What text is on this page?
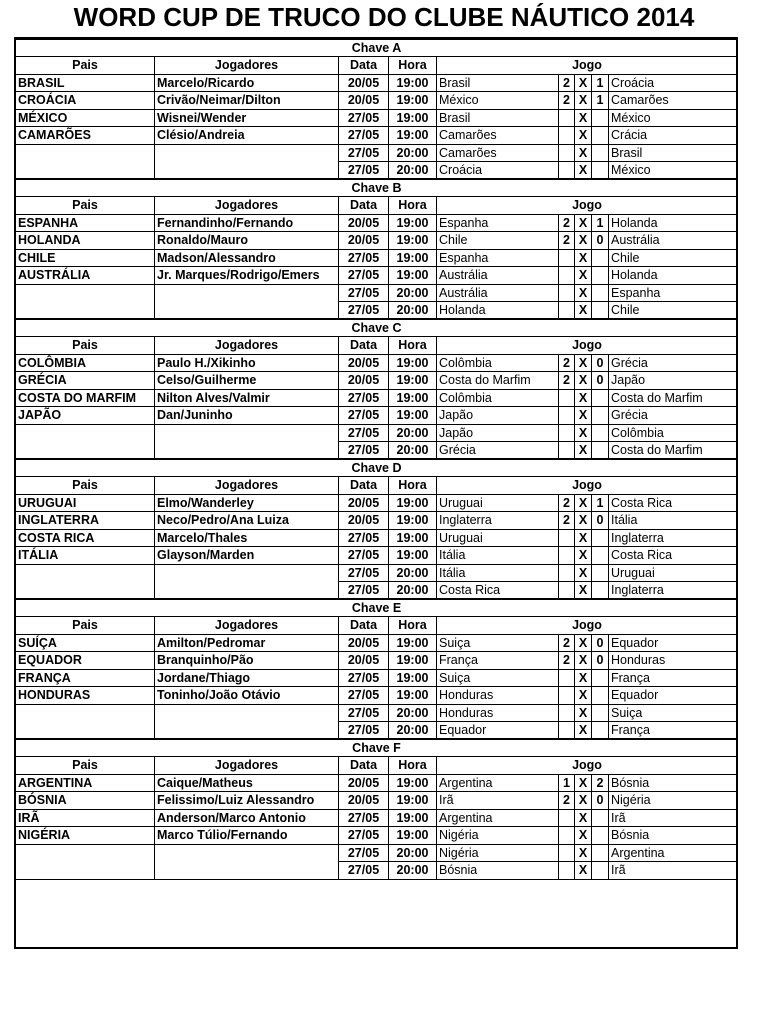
WORD CUP DE TRUCO DO CLUBE NÁUTICO 2014
Chave A								
Pais	Jogadores	Data	Hora	Jogo				
BRASIL	Marcelo/Ricardo	20/05	19:00	Brasil	2	X	1	Croácia
CROÁCIA	Crivão/Neimar/Dilton	20/05	19:00	México	2	X	1	Camarões
MÉXICO	Wisnei/Wender	27/05	19:00	Brasil		X		México
CAMARÕES	Clésio/Andreia	27/05	19:00	Camarões		X		Crácia
		27/05	20:00	Camarões		X		Brasil
		27/05	20:00	Croácia		X		México
Chave B								
Pais	Jogadores	Data	Hora	Jogo				
ESPANHA	Fernandinho/Fernando	20/05	19:00	Espanha	2	X	1	Holanda
HOLANDA	Ronaldo/Mauro	20/05	19:00	Chile	2	X	0	Austrália
CHILE	Madson/Alessandro	27/05	19:00	Espanha		X		Chile
AUSTRÁLIA	Jr. Marques/Rodrigo/Emers	27/05	19:00	Austrália		X		Holanda
		27/05	20:00	Austrália		X		Espanha
		27/05	20:00	Holanda		X		Chile
Chave C								
Pais	Jogadores	Data	Hora	Jogo				
COLÔMBIA	Paulo H./Xikinho	20/05	19:00	Colômbia	2	X	0	Grécia
GRÉCIA	Celso/Guilherme	20/05	19:00	Costa do Marfim	2	X	0	Japão
COSTA DO MARFIM	Nilton Alves/Valmir	27/05	19:00	Colômbia		X		Costa do Marfim
JAPÃO	Dan/Juninho	27/05	19:00	Japão		X		Grécia
		27/05	20:00	Japão		X		Colômbia
		27/05	20:00	Grécia		X		Costa do Marfim
Chave D								
Pais	Jogadores	Data	Hora	Jogo				
URUGUAI	Elmo/Wanderley	20/05	19:00	Uruguai	2	X	1	Costa Rica
INGLATERRA	Neco/Pedro/Ana Luiza	20/05	19:00	Inglaterra	2	X	0	Itália
COSTA RICA	Marcelo/Thales	27/05	19:00	Uruguai		X		Inglaterra
ITÁLIA	Glayson/Marden	27/05	19:00	Itália		X		Costa Rica
		27/05	20:00	Itália		X		Uruguai
		27/05	20:00	Costa Rica		X		Inglaterra
Chave E								
Pais	Jogadores	Data	Hora	Jogo				
SUÍÇA	Amilton/Pedromar	20/05	19:00	Suiça	2	X	0	Equador
EQUADOR	Branquinho/Pão	20/05	19:00	França	2	X	0	Honduras
FRANÇA	Jordane/Thiago	27/05	19:00	Suiça		X		França
HONDURAS	Toninho/João Otávio	27/05	19:00	Honduras		X		Equador
		27/05	20:00	Honduras		X		Suiça
		27/05	20:00	Equador		X		França
Chave F								
Pais	Jogadores	Data	Hora	Jogo				
ARGENTINA	Caique/Matheus	20/05	19:00	Argentina	1	X	2	Bósnia
BÓSNIA	Felissimo/Luiz Alessandro	20/05	19:00	Irã	2	X	0	Nigéria
IRÃ	Anderson/Marco Antonio	27/05	19:00	Argentina		X		Irã
NIGÉRIA	Marco Túlio/Fernando	27/05	19:00	Nigéria		X		Bósnia
		27/05	20:00	Nigéria		X		Argentina
		27/05	20:00	Bósnia		X		Irã
